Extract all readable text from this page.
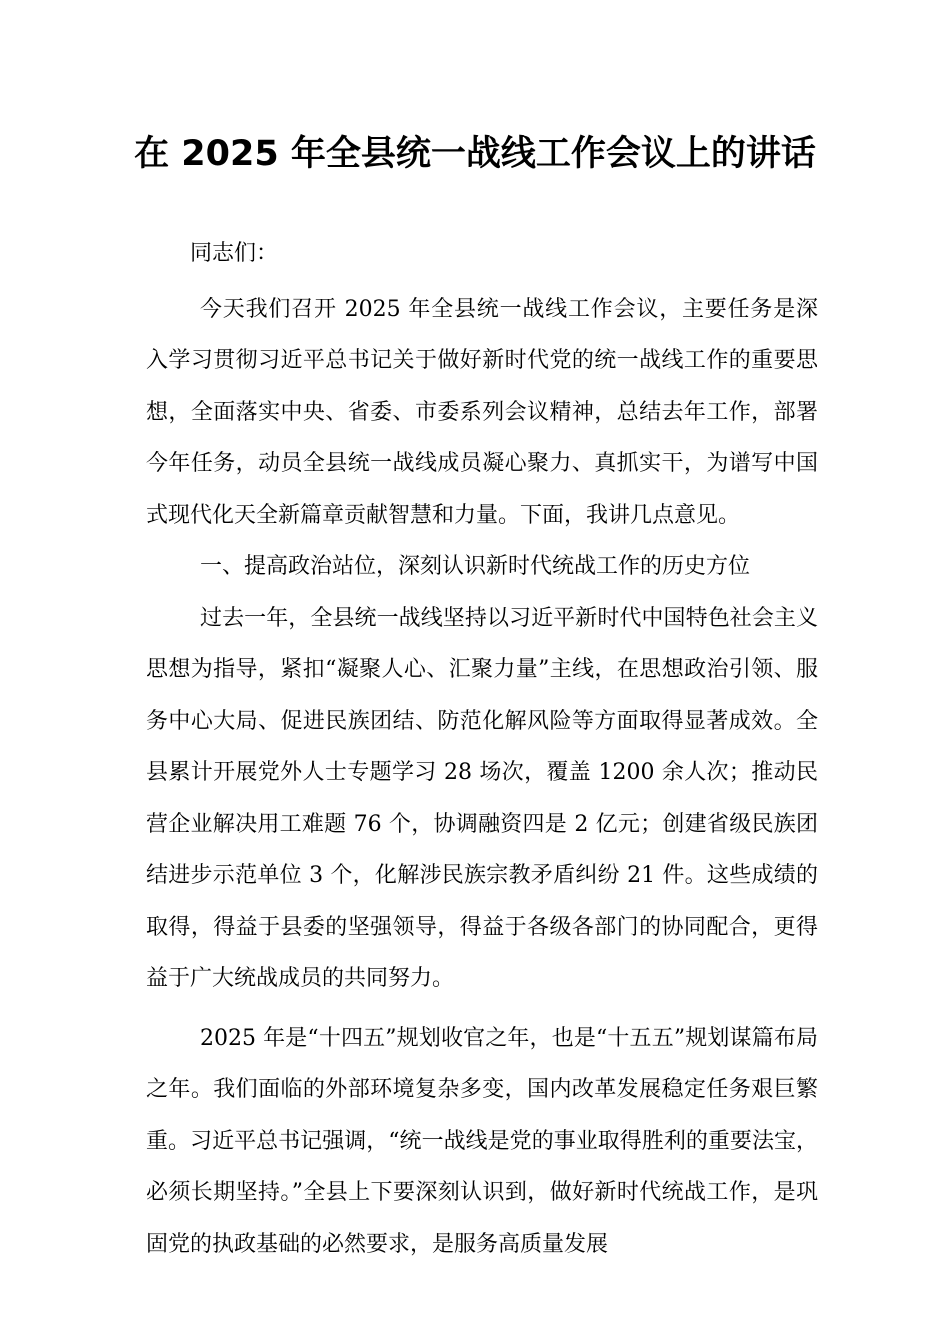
在 2025 年全县统一战线工作会议上的讲话

同志们：

今天我们召开 2025 年全县统一战线工作会议，主要任务是深入学习贯彻习近平总书记关于做好新时代党的统一战线工作的重要思想，全面落实中央、省委、市委系列会议精神，总结去年工作，部署今年任务，动员全县统一战线成员凝心聚力、真抓实干，为谱写中国式现代化天全新篇章贡献智慧和力量。下面，我讲几点意见。

一、提高政治站位，深刻认识新时代统战工作的历史方位

过去一年，全县统一战线坚持以习近平新时代中国特色社会主义思想为指导，紧扣“凝聚人心、汇聚力量”主线，在思想政治引领、服务中心大局、促进民族团结、防范化解风险等方面取得显著成效。全县累计开展党外人士专题学习 28 场次，覆盖 1200 余人次；推动民营企业解决用工难题 76 个，协调融资四是 2 亿元；创建省级民族团结进步示范单位 3 个，化解涉民族宗教矛盾纠纷 21 件。这些成绩的取得，得益于县委的坚强领导，得益于各级各部门的协同配合，更得益于广大统战成员的共同努力。

2025 年是“十四五”规划收官之年，也是“十五五”规划谋篇布局之年。我们面临的外部环境复杂多变，国内改革发展稳定任务艰巨繁重。习近平总书记强调，“统一战线是党的事业取得胜利的重要法宝，必须长期坚持。”全县上下要深刻认识到，做好新时代统战工作，是巩固党的执政基础的必然要求，是服务高质量发展
